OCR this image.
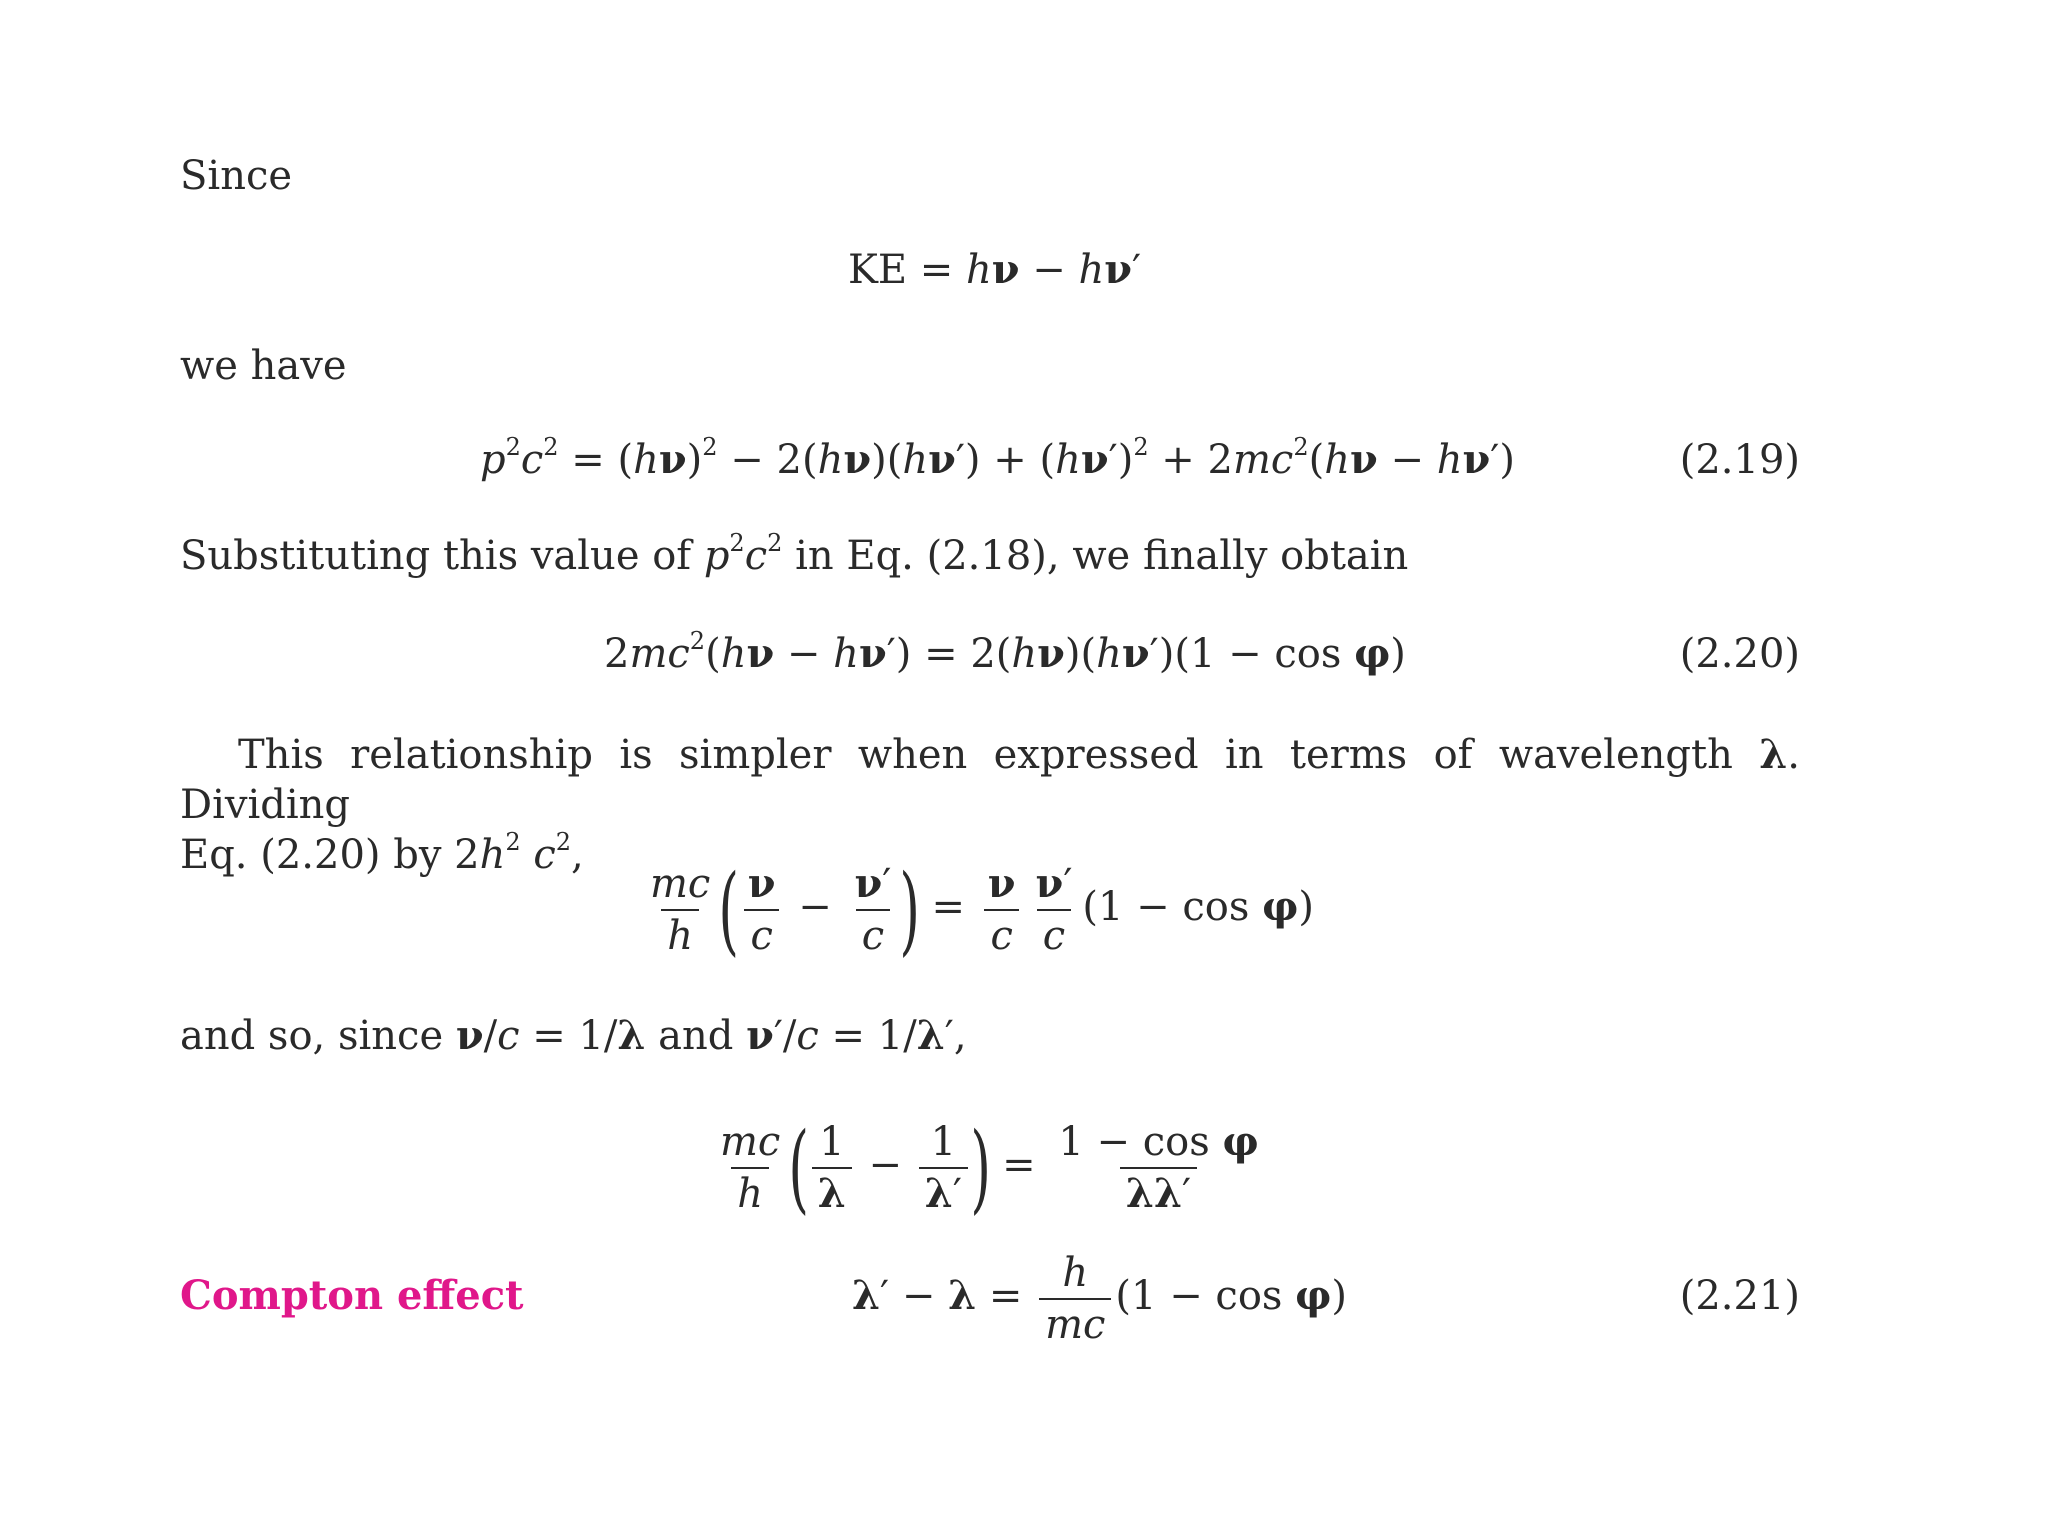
Since
KE = hν − hν′
we have
$p^2c^2 = (h\nu)^2 - 2(h\nu)(h\nu') + (h\nu')^2 + 2mc^2(h\nu - h\nu')$	(2.19)
Substituting this value of $p^2c^2$ in Eq. (2.18), we finally obtain
$2mc^2(h\nu - h\nu') = 2(h\nu)(h\nu')(1 - \cos \varphi)$	(2.20)
This relationship is simpler when expressed in terms of wavelength λ. Dividing
Eq. (2.20) by $2h^2$ $c^2$,
$\frac{mc}{h}$ ( $\frac{\nu}{c} - \frac{\nu'}{c}$ ) = $\frac{\nu}{c} \frac{\nu'}{c} (1 - \cos \varphi)$
and so, since ν/c = 1/λ and ν′/c = 1/λ′,
$\frac{mc}{h}$ ( $\frac{1}{\lambda} - \frac{1}{\lambda'}$ ) = $\frac{\text{1 − cos φ}}{\lambda\lambda'}$
Compton effect	$\lambda' - \lambda = \frac{h}{mc} (1 - \cos \varphi)$	(2.21)
